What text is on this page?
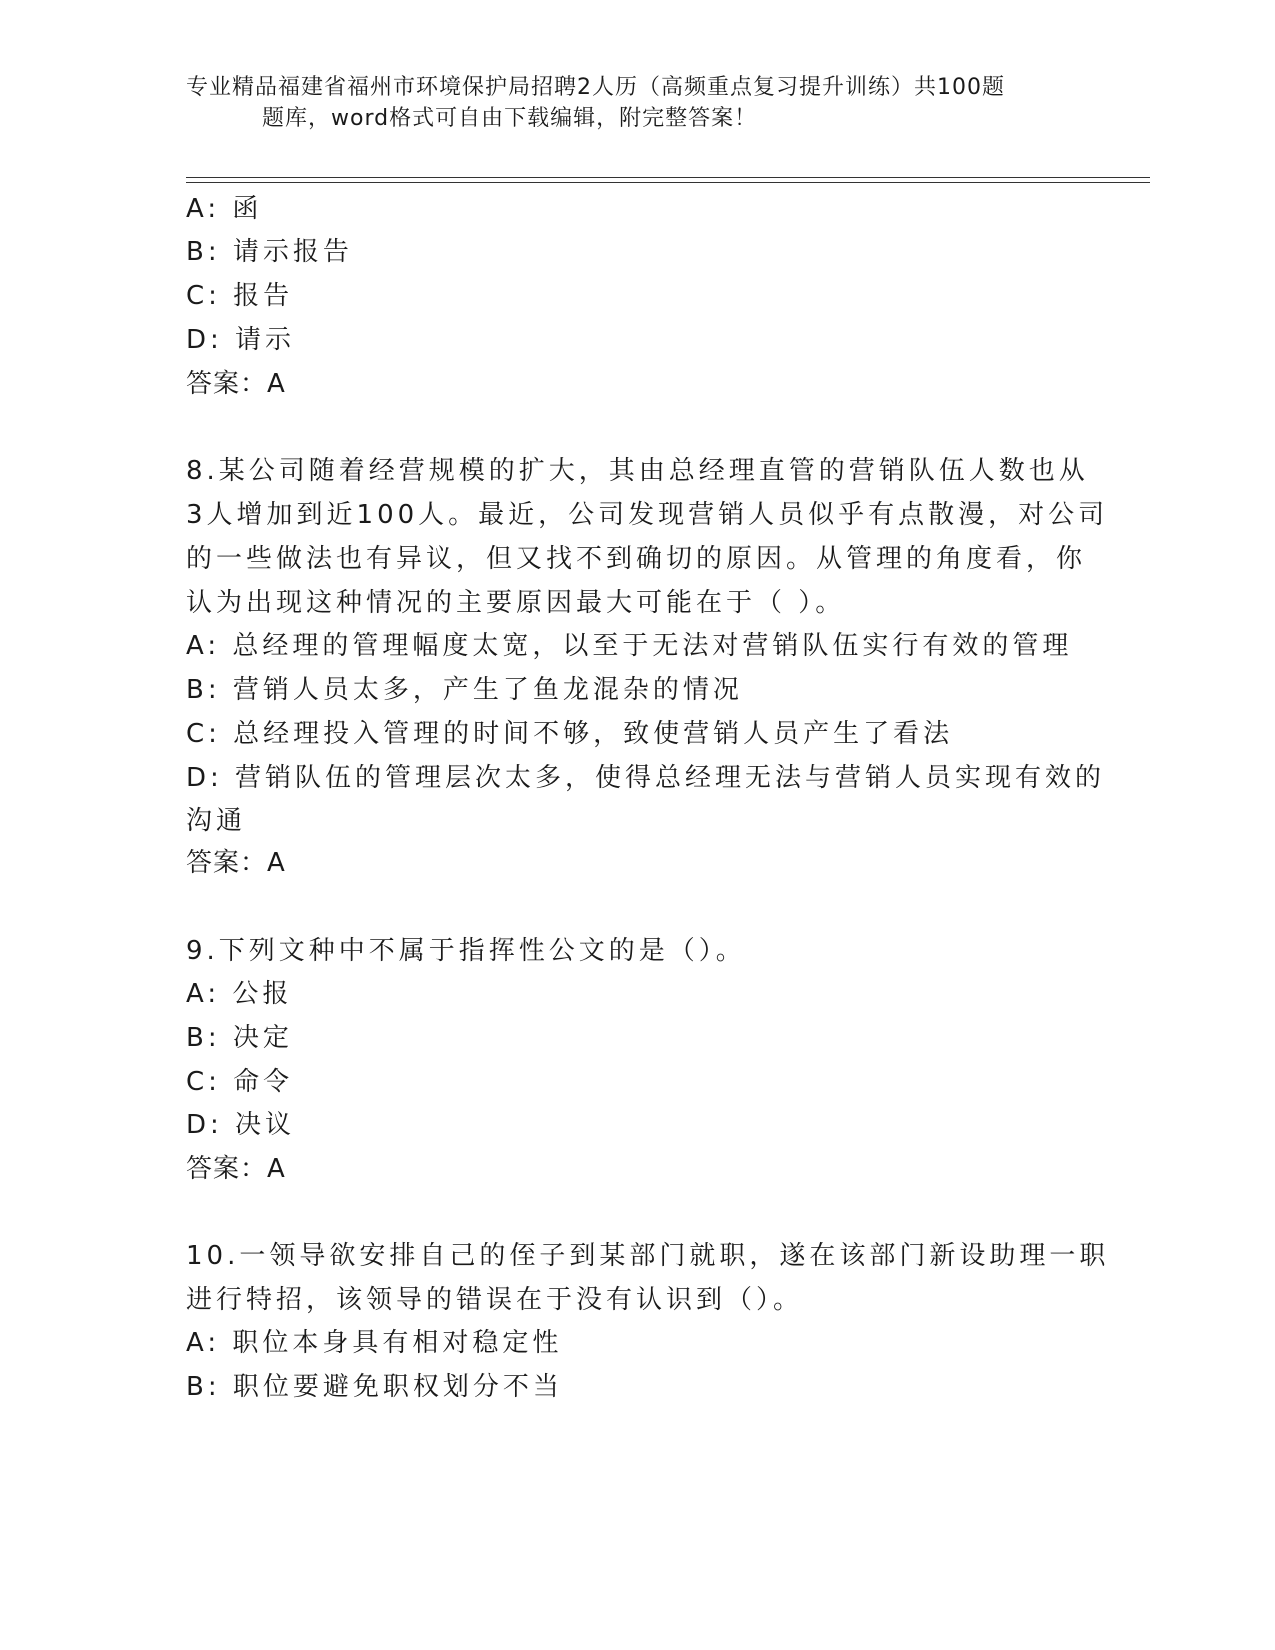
专业精品福建省福州市环境保护局招聘2人历（高频重点复习提升训练）共100题
题库，word格式可自由下载编辑，附完整答案！
A: 函
B: 请示报告
C: 报告
D: 请示
答案：A
8.某公司随着经营规模的扩大，其由总经理直管的营销队伍人数也从
3人增加到近100人。最近，公司发现营销人员似乎有点散漫，对公司
的一些做法也有异议，但又找不到确切的原因。从管理的角度看，你
认为出现这种情况的主要原因最大可能在于（ ）。
A: 总经理的管理幅度太宽，以至于无法对营销队伍实行有效的管理
B: 营销人员太多，产生了鱼龙混杂的情况
C: 总经理投入管理的时间不够，致使营销人员产生了看法
D: 营销队伍的管理层次太多，使得总经理无法与营销人员实现有效的
沟通
答案：A
9.下列文种中不属于指挥性公文的是（）。
A: 公报
B: 决定
C: 命令
D: 决议
答案：A
10.一领导欲安排自己的侄子到某部门就职，遂在该部门新设助理一职
进行特招，该领导的错误在于没有认识到（）。
A: 职位本身具有相对稳定性
B: 职位要避免职权划分不当
